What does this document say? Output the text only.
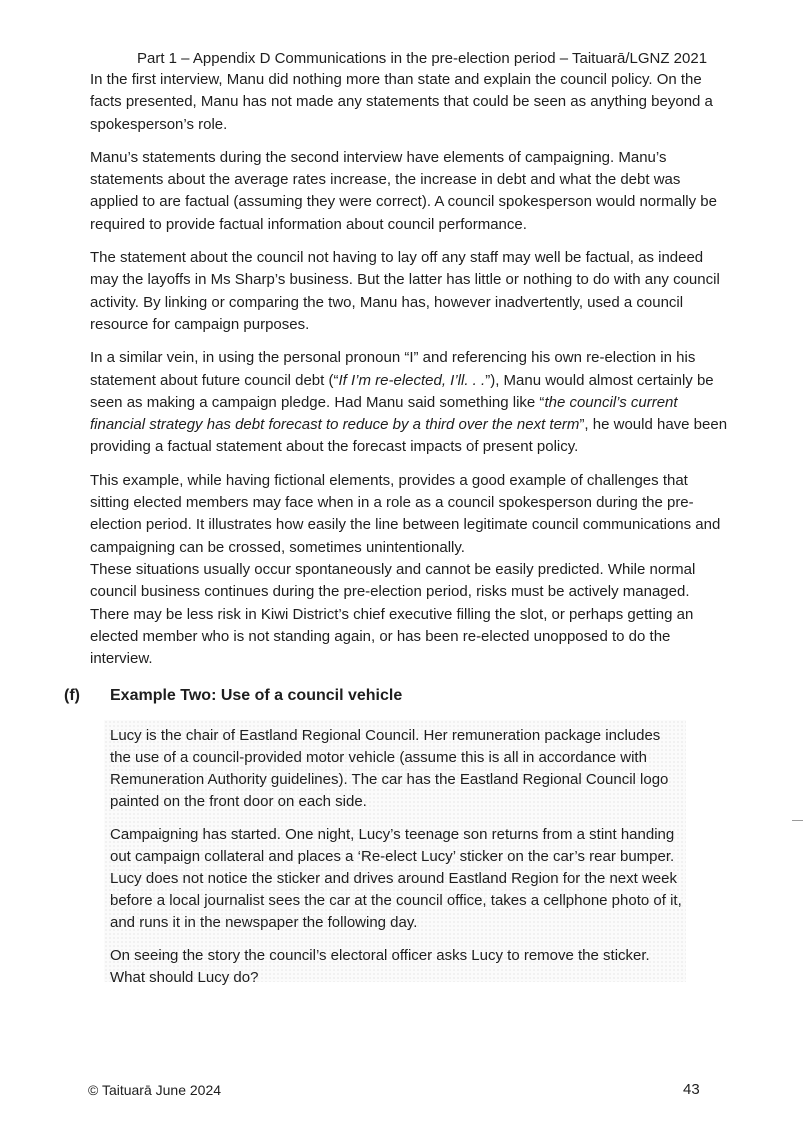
Part 1 – Appendix D Communications in the pre-election period – Taituarā/LGNZ 2021

In the first interview, Manu did nothing more than state and explain the council policy. On the facts presented, Manu has not made any statements that could be seen as anything beyond a spokesperson’s role.

Manu’s statements during the second interview have elements of campaigning. Manu’s statements about the average rates increase, the increase in debt and what the debt was applied to are factual (assuming they were correct). A council spokesperson would normally be required to provide factual information about council performance.

The statement about the council not having to lay off any staff may well be factual, as indeed may the layoffs in Ms Sharp’s business. But the latter has little or nothing to do with any council activity. By linking or comparing the two, Manu has, however inadvertently, used a council resource for campaign purposes.

In a similar vein, in using the personal pronoun “I” and referencing his own re-election in his statement about future council debt (“If I’m re-elected, I’ll. . .”), Manu would almost certainly be seen as making a campaign pledge. Had Manu said something like “the council’s current financial strategy has debt forecast to reduce by a third over the next term”, he would have been providing a factual statement about the forecast impacts of present policy.

This example, while having fictional elements, provides a good example of challenges that sitting elected members may face when in a role as a council spokesperson during the pre-election period. It illustrates how easily the line between legitimate council communications and campaigning can be crossed, sometimes unintentionally.

These situations usually occur spontaneously and cannot be easily predicted. While normal council business continues during the pre-election period, risks must be actively managed. There may be less risk in Kiwi District’s chief executive filling the slot, or perhaps getting an elected member who is not standing again, or has been re-elected unopposed to do the interview.

(f) Example Two: Use of a council vehicle

Lucy is the chair of Eastland Regional Council. Her remuneration package includes the use of a council-provided motor vehicle (assume this is all in accordance with Remuneration Authority guidelines). The car has the Eastland Regional Council logo painted on the front door on each side.

Campaigning has started. One night, Lucy’s teenage son returns from a stint handing out campaign collateral and places a ‘Re-elect Lucy’ sticker on the car’s rear bumper. Lucy does not notice the sticker and drives around Eastland Region for the next week before a local journalist sees the car at the council office, takes a cellphone photo of it, and runs it in the newspaper the following day.

On seeing the story the council’s electoral officer asks Lucy to remove the sticker. What should Lucy do?

© Taituarā June 2024	43
